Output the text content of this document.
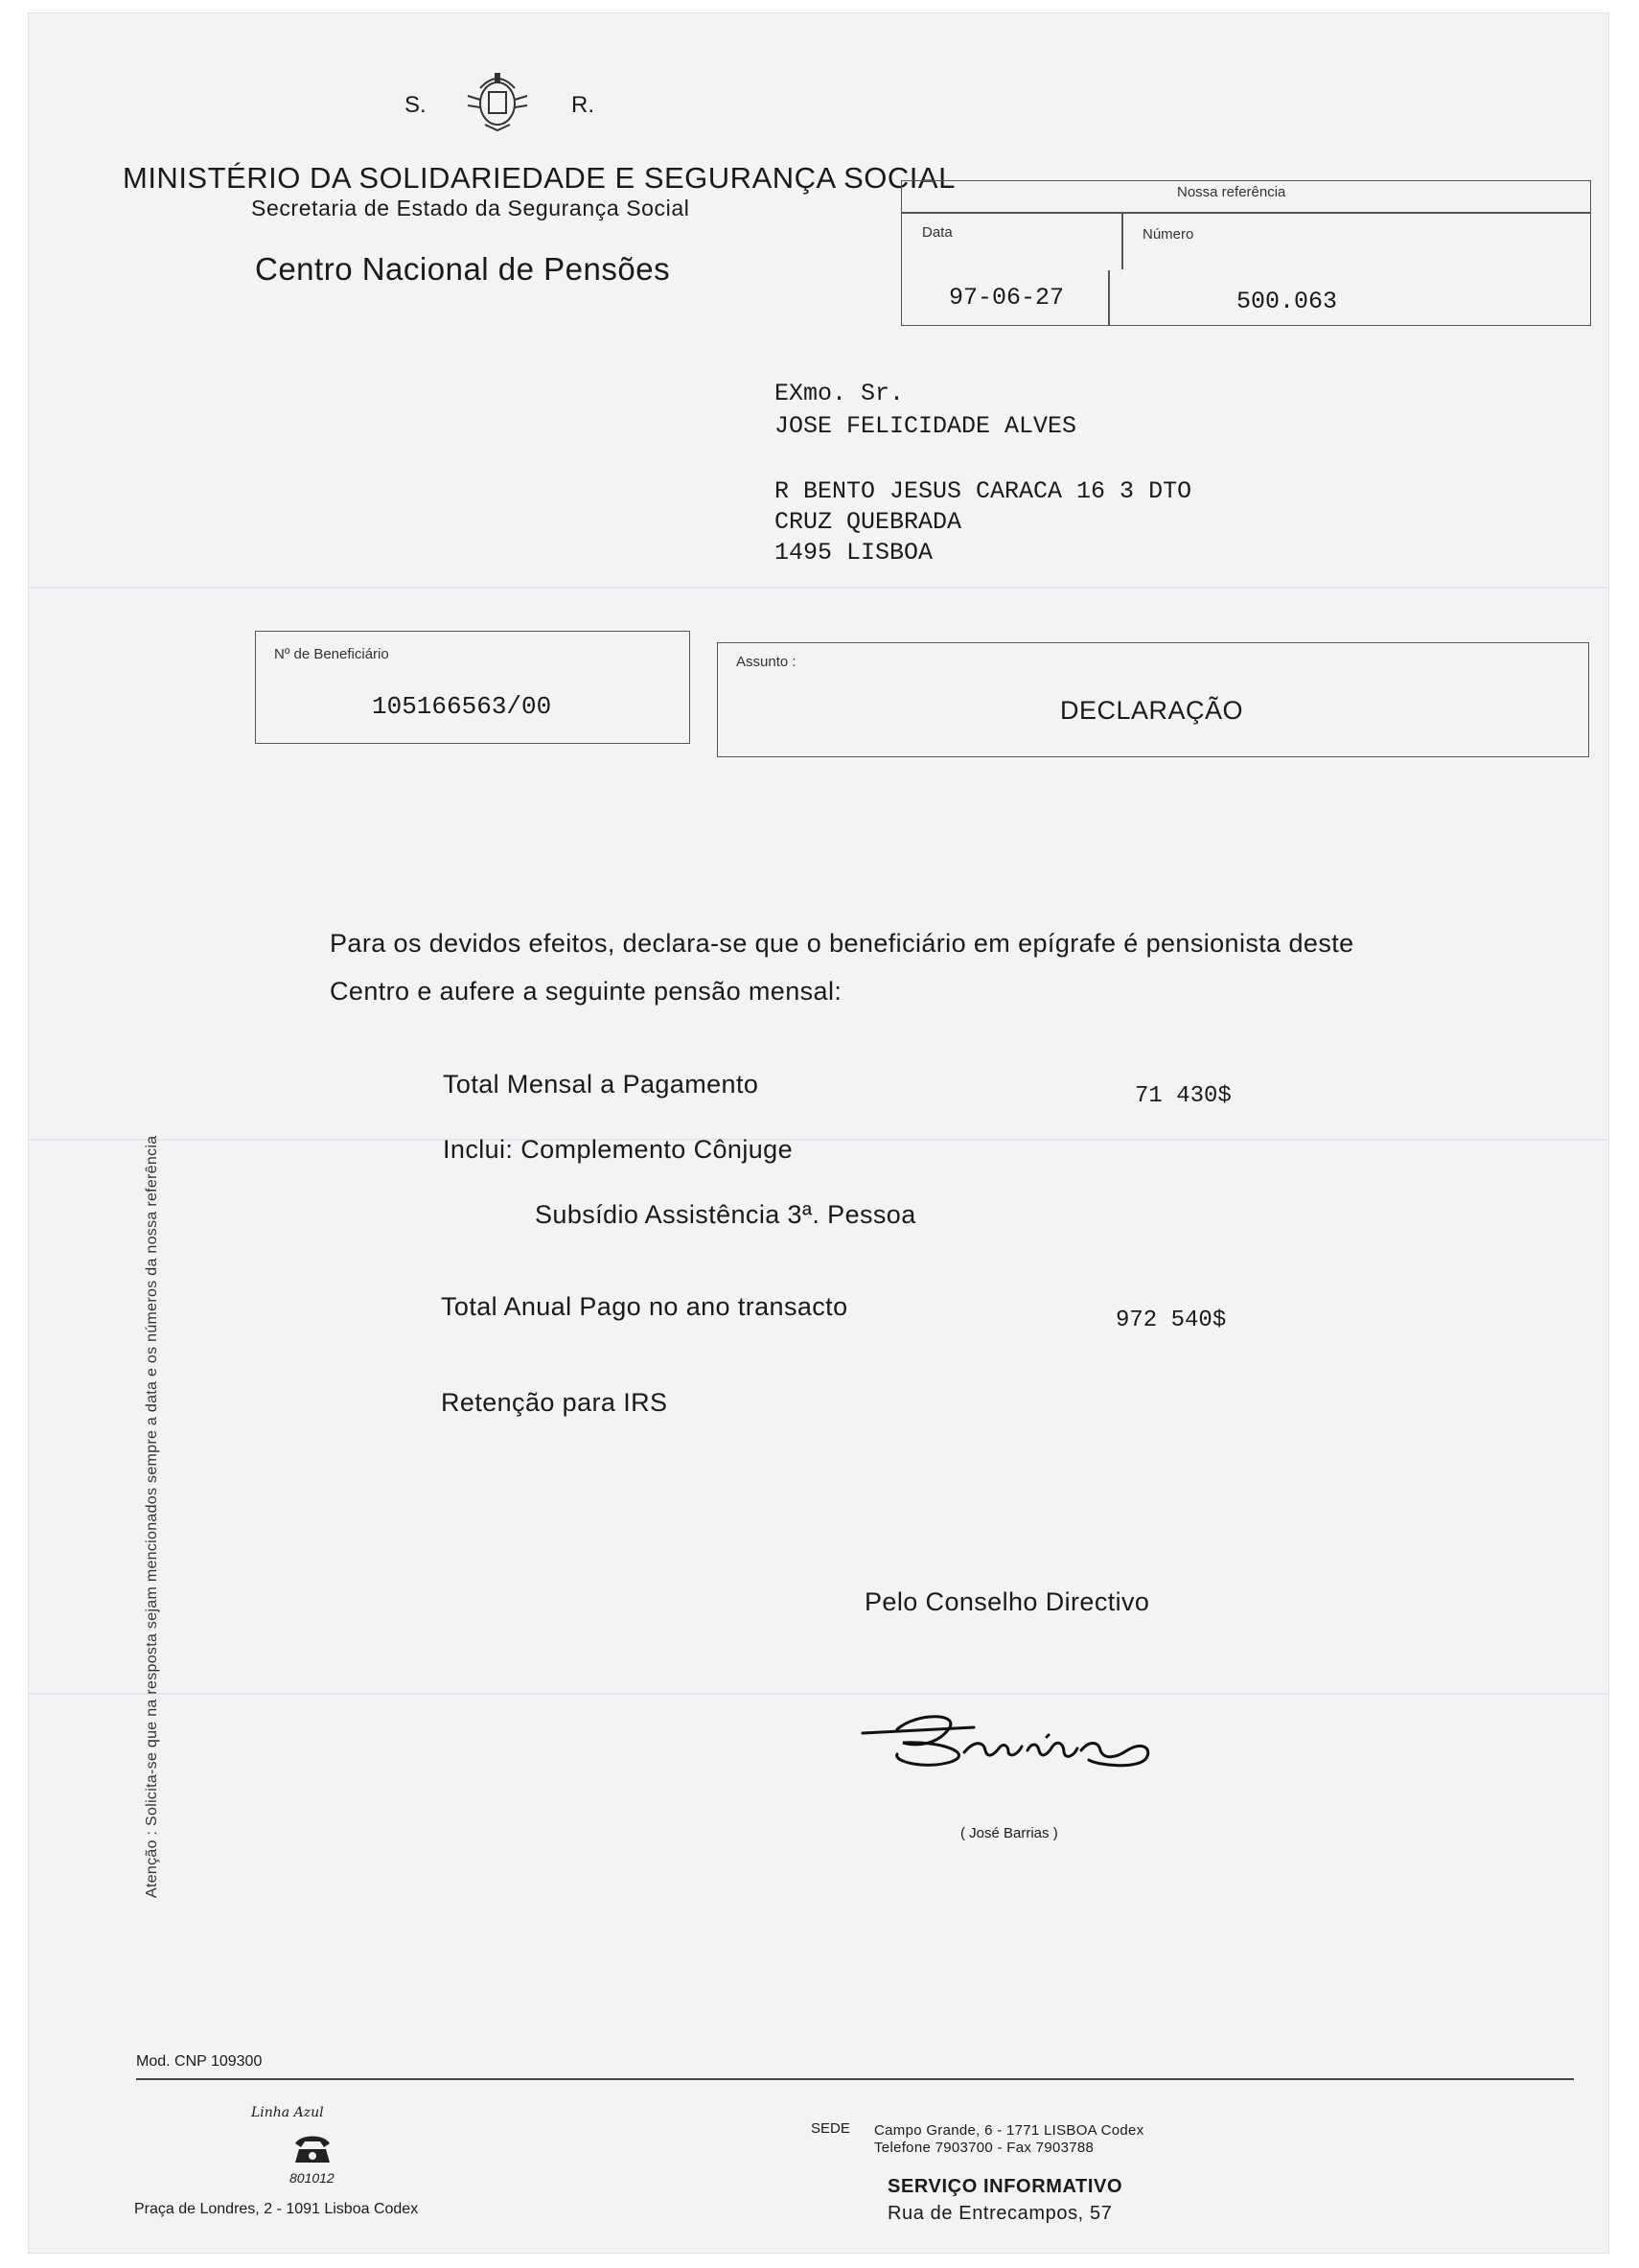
S.	R.
MINISTÉRIO DA SOLIDARIEDADE E SEGURANÇA SOCIAL
Secretaria de Estado da Segurança Social
Centro Nacional de Pensões
Nossa referência
Data	Número
97-06-27	500.063
EXmo. Sr.
JOSE FELICIDADE ALVES
R BENTO JESUS CARACA 16 3 DTO
CRUZ QUEBRADA
1495 LISBOA
Nº de Beneficiário
105166563/00
Assunto :
DECLARAÇÃO
Para os devidos efeitos, declara-se que o beneficiário em epígrafe é pensionista deste
Centro e aufere a seguinte pensão mensal:
Total Mensal a Pagamento	71 430$
Inclui: Complemento Cônjuge
Subsídio Assistência 3ª. Pessoa
Total Anual Pago no ano transacto	972 540$
Retenção para IRS
Pelo Conselho Directivo
( José Barrias )
Atenção : Solicita-se que na resposta sejam mencionados sempre a data e os números da nossa referência
Mod. CNP 109300
Linha Azul
801012
Praça de Londres, 2 - 1091 Lisboa Codex
SEDE Campo Grande, 6 - 1771 LISBOA Codex
Telefone 7903700 - Fax 7903788
SERVIÇO INFORMATIVO
Rua de Entrecampos, 57
